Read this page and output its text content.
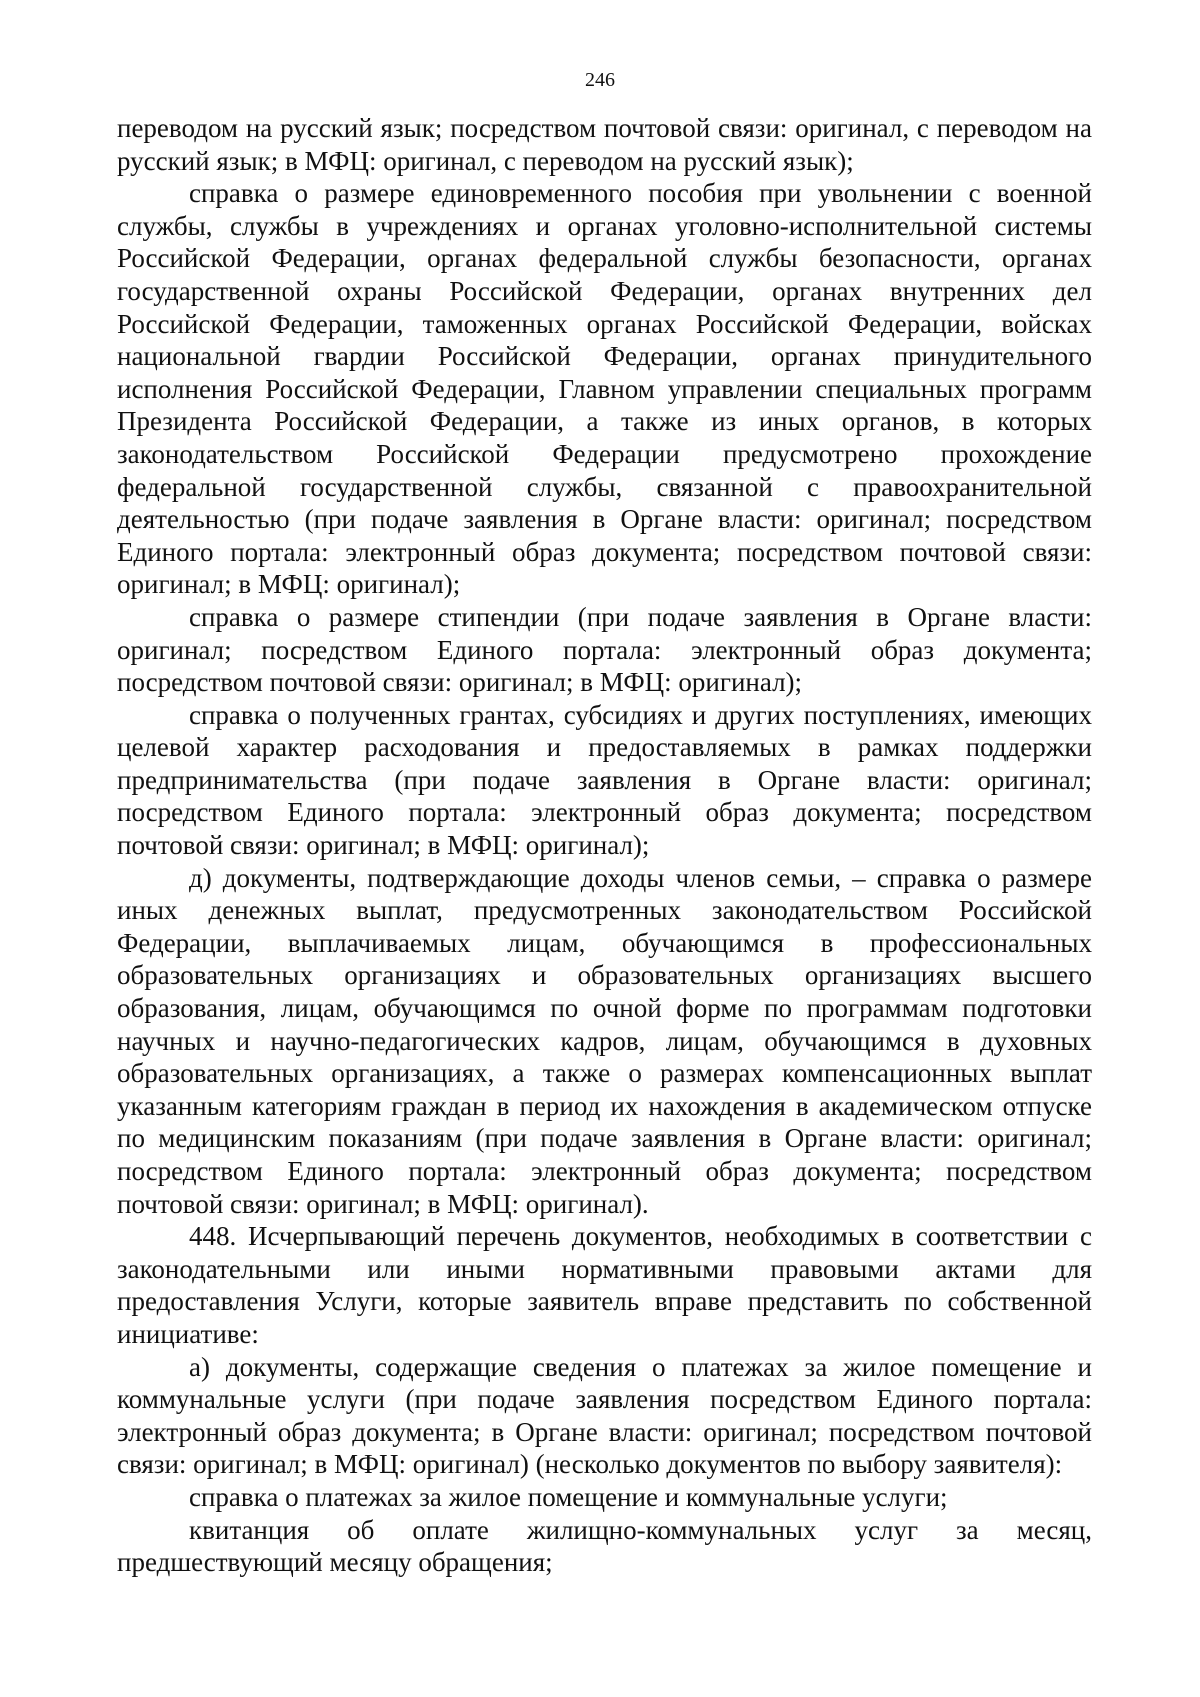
246

переводом на русский язык; посредством почтовой связи: оригинал, с переводом на русский язык; в МФЦ: оригинал, с переводом на русский язык);

справка о размере единовременного пособия при увольнении с военной службы, службы в учреждениях и органах уголовно-исполнительной системы Российской Федерации, органах федеральной службы безопасности, органах государственной охраны Российской Федерации, органах внутренних дел Российской Федерации, таможенных органах Российской Федерации, войсках национальной гвардии Российской Федерации, органах принудительного исполнения Российской Федерации, Главном управлении специальных программ Президента Российской Федерации, а также из иных органов, в которых законодательством Российской Федерации предусмотрено прохождение федеральной государственной службы, связанной с правоохранительной деятельностью (при подаче заявления в Органе власти: оригинал; посредством Единого портала: электронный образ документа; посредством почтовой связи: оригинал; в МФЦ: оригинал);

справка о размере стипендии (при подаче заявления в Органе власти: оригинал; посредством Единого портала: электронный образ документа; посредством почтовой связи: оригинал; в МФЦ: оригинал);

справка о полученных грантах, субсидиях и других поступлениях, имеющих целевой характер расходования и предоставляемых в рамках поддержки предпринимательства (при подаче заявления в Органе власти: оригинал; посредством Единого портала: электронный образ документа; посредством почтовой связи: оригинал; в МФЦ: оригинал);

д) документы, подтверждающие доходы членов семьи, – справка о размере иных денежных выплат, предусмотренных законодательством Российской Федерации, выплачиваемых лицам, обучающимся в профессиональных образовательных организациях и образовательных организациях высшего образования, лицам, обучающимся по очной форме по программам подготовки научных и научно-педагогических кадров, лицам, обучающимся в духовных образовательных организациях, а также о размерах компенсационных выплат указанным категориям граждан в период их нахождения в академическом отпуске по медицинским показаниям (при подаче заявления в Органе власти: оригинал; посредством Единого портала: электронный образ документа; посредством почтовой связи: оригинал; в МФЦ: оригинал).

448. Исчерпывающий перечень документов, необходимых в соответствии с законодательными или иными нормативными правовыми актами для предоставления Услуги, которые заявитель вправе представить по собственной инициативе:

а) документы, содержащие сведения о платежах за жилое помещение и коммунальные услуги (при подаче заявления посредством Единого портала: электронный образ документа; в Органе власти: оригинал; посредством почтовой связи: оригинал; в МФЦ: оригинал) (несколько документов по выбору заявителя):

справка о платежах за жилое помещение и коммунальные услуги;

квитанция об оплате жилищно-коммунальных услуг за месяц, предшествующий месяцу обращения;
